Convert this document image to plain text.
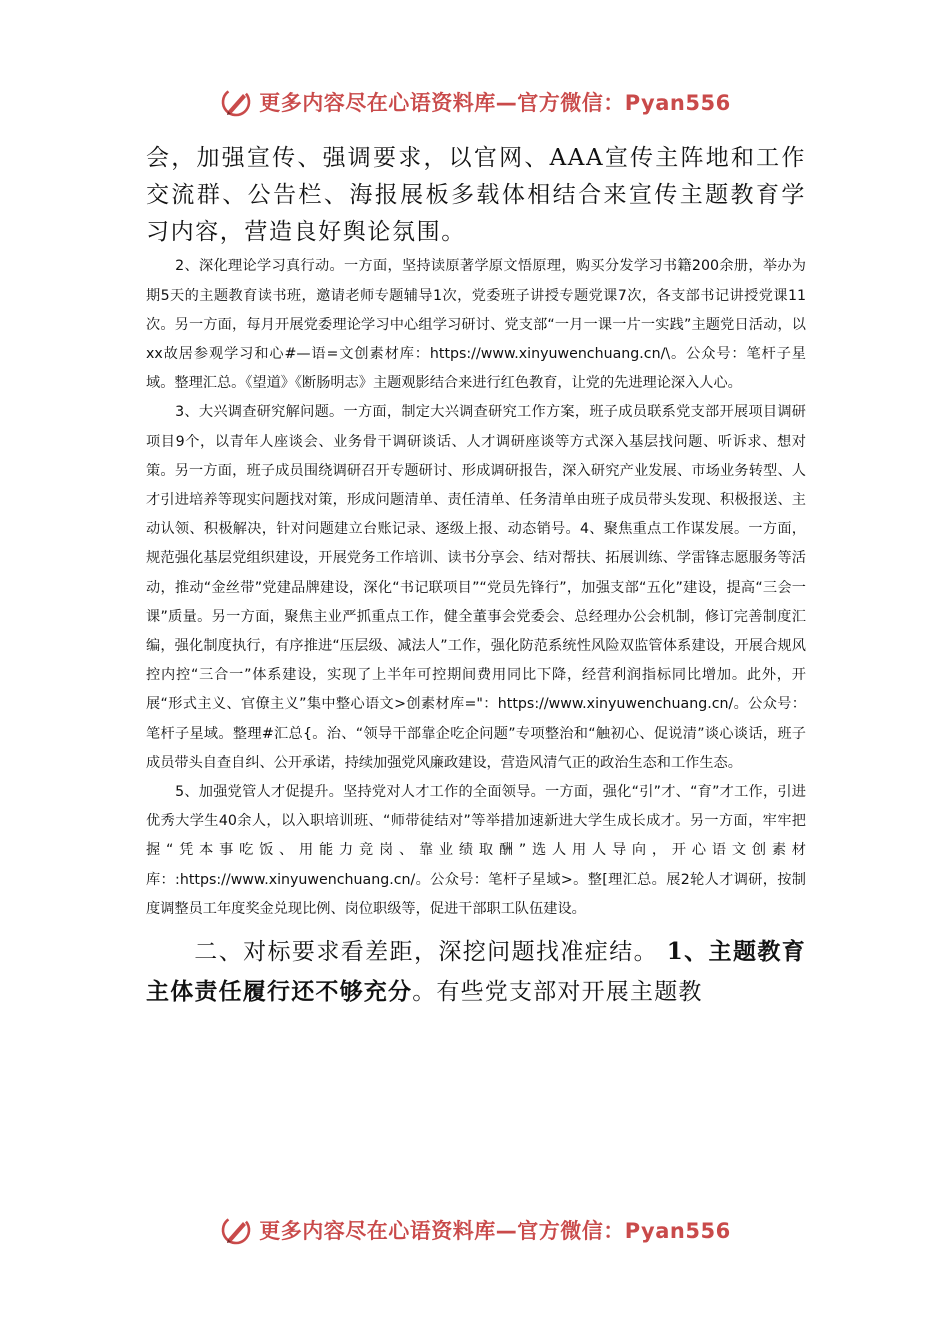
更多内容尽在心语资料库—官方微信：Pyan556

会，加强宣传、强调要求，以官网、AAA宣传主阵地和工作交流群、公告栏、海报展板多载体相结合来宣传主题教育学习内容，营造良好舆论氛围。

2、深化理论学习真行动。一方面，坚持读原著学原文悟原理，购买分发学习书籍200余册，举办为期5天的主题教育读书班，邀请老师专题辅导1次，党委班子讲授专题党课7次，各支部书记讲授党课11次。另一方面，每月开展党委理论学习中心组学习研讨、党支部“一月一课一片一实践”主题党日活动，以xx故居参观学习和心#—语=文创素材库：https://www.xinyuwenchuang.cn/\。公众号：笔杆子星域。整理汇总。《望道》《断肠明志》主题观影结合来进行红色教育，让党的先进理论深入人心。

3、大兴调查研究解问题。一方面，制定大兴调查研究工作方案，班子成员联系党支部开展项目调研项目9个，以青年人座谈会、业务骨干调研谈话、人才调研座谈等方式深入基层找问题、听诉求、想对策。另一方面，班子成员围绕调研召开专题研讨、形成调研报告，深入研究产业发展、市场业务转型、人才引进培养等现实问题找对策，形成问题清单、责任清单、任务清单由班子成员带头发现、积极报送、主动认领、积极解决，针对问题建立台账记录、逐级上报、动态销号。4、聚焦重点工作谋发展。一方面，规范强化基层党组织建设，开展党务工作培训、读书分享会、结对帮扶、拓展训练、学雷锋志愿服务等活动，推动“金丝带”党建品牌建设，深化“书记联项目”“党员先锋行”，加强支部“五化”建设，提高“三会一课”质量。另一方面，聚焦主业严抓重点工作，健全董事会党委会、总经理办公会机制，修订完善制度汇编，强化制度执行，有序推进“压层级、减法人”工作，强化防范系统性风险双监管体系建设，开展合规风控内控“三合一”体系建设，实现了上半年可控期间费用同比下降，经营利润指标同比增加。此外，开展“形式主义、官僚主义”集中整心语文>创素材库="：https://www.xinyuwenchuang.cn/。公众号：笔杆子星域。整理#汇总{。治、“领导干部靠企吃企问题”专项整治和“触初心、促说清”谈心谈话，班子成员带头自查自纠、公开承诺，持续加强党风廉政建设，营造风清气正的政治生态和工作生态。

5、加强党管人才促提升。坚持党对人才工作的全面领导。一方面，强化“引”才、“育”才工作，引进优秀大学生40余人，以入职培训班、“师带徒结对”等举措加速新进大学生成长成才。另一方面，牢牢把握“凭本事吃饭、用能力竞岗、靠业绩取酬”选人用人导向，开心语文创素材库：:https://www.xinyuwenchuang.cn/。公众号：笔杆子星域>。整[理汇总。展2轮人才调研，按制度调整员工年度奖金兑现比例、岗位职级等，促进干部职工队伍建设。

二、对标要求看差距，深挖问题找准症结。 1、主题教育主体责任履行还不够充分。有些党支部对开展主题教

更多内容尽在心语资料库—官方微信：Pyan556
